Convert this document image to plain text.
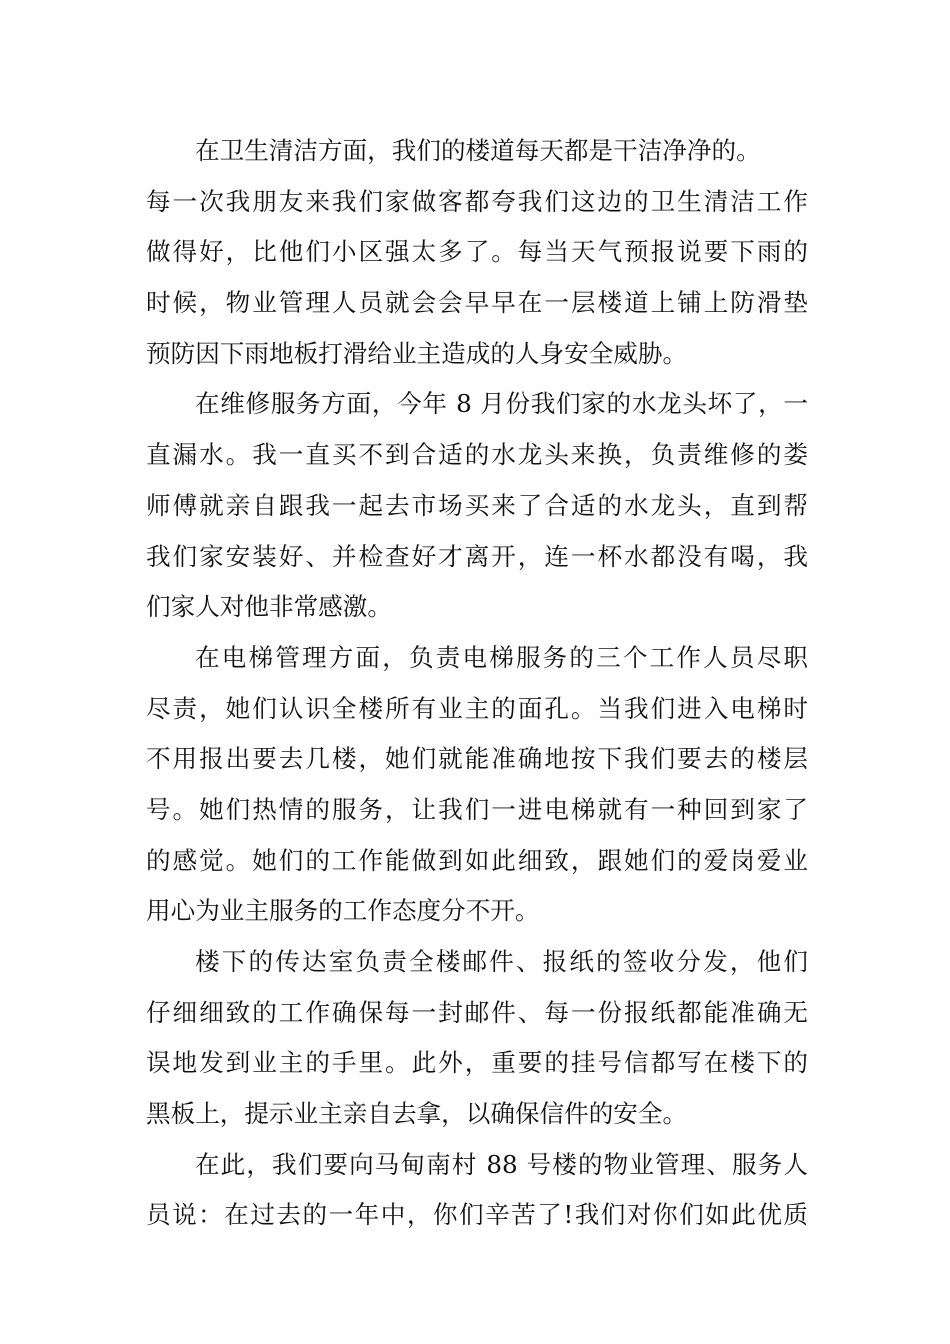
在卫生清洁方面，我们的楼道每天都是干洁净净的。
每一次我朋友来我们家做客都夸我们这边的卫生清洁工作
做得好，比他们小区强太多了。每当天气预报说要下雨的
时候，物业管理人员就会会早早在一层楼道上铺上防滑垫
预防因下雨地板打滑给业主造成的人身安全威胁。
在维修服务方面，今年 8 月份我们家的水龙头坏了，一
直漏水。我一直买不到合适的水龙头来换，负责维修的娄
师傅就亲自跟我一起去市场买来了合适的水龙头，直到帮
我们家安装好、并检查好才离开，连一杯水都没有喝，我
们家人对他非常感激。
在电梯管理方面，负责电梯服务的三个工作人员尽职
尽责，她们认识全楼所有业主的面孔。当我们进入电梯时
不用报出要去几楼，她们就能准确地按下我们要去的楼层
号。她们热情的服务，让我们一进电梯就有一种回到家了
的感觉。她们的工作能做到如此细致，跟她们的爱岗爱业
用心为业主服务的工作态度分不开。
楼下的传达室负责全楼邮件、报纸的签收分发，他们
仔细细致的工作确保每一封邮件、每一份报纸都能准确无
误地发到业主的手里。此外，重要的挂号信都写在楼下的
黑板上，提示业主亲自去拿，以确保信件的安全。
在此，我们要向马甸南村 88 号楼的物业管理、服务人
员说：在过去的一年中，你们辛苦了!我们对你们如此优质
